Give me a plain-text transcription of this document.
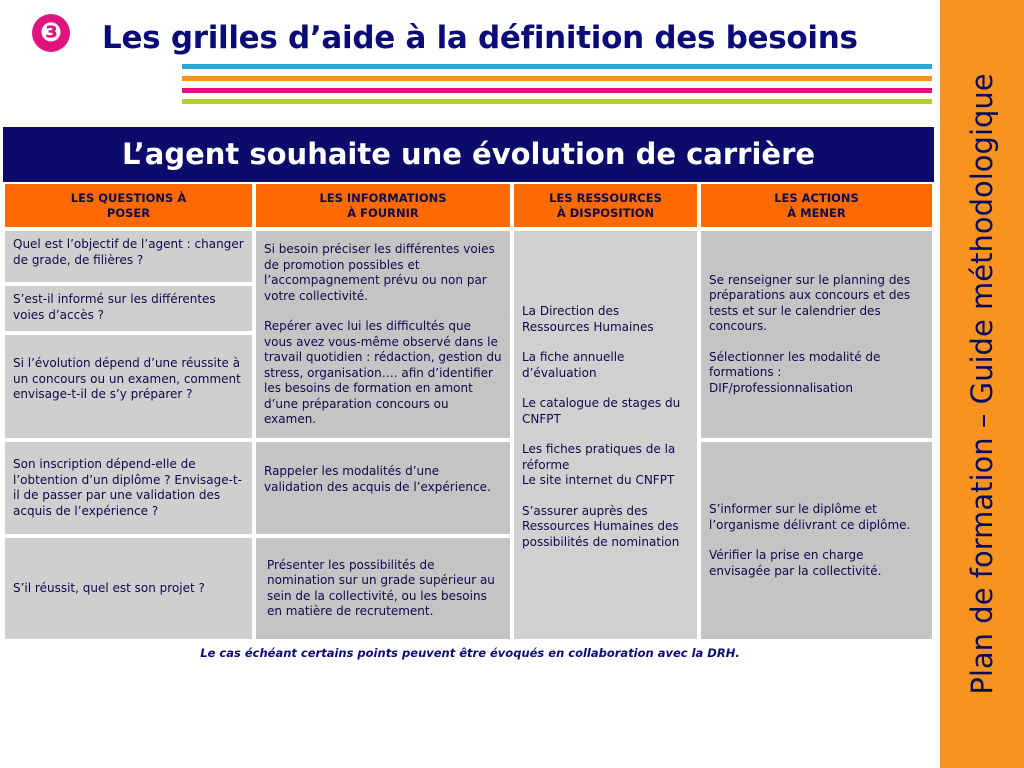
❸ Les grilles d’aide à la définition des besoins
Plan de formation – Guide méthodologique
L’agent souhaite une évolution de carrière
LES QUESTIONS À
POSER
LES INFORMATIONS
À FOURNIR
LES RESSOURCES
À DISPOSITION
LES ACTIONS
À MENER
Quel est l’objectif de l’agent : changer de grade, de filières ?
S’est-il informé sur les différentes voies d’accès ?
Si l’évolution dépend d’une réussite à un concours ou un examen, comment envisage-t-il de s’y préparer ?
Son inscription dépend-elle de l’obtention d’un diplôme ? Envisage-t-il de passer par une validation des acquis de l’expérience ?
S’il réussit, quel est son projet ?

Si besoin préciser les différentes voies de promotion possibles et l’accompagnement prévu ou non par votre collectivité.

Repérer avec lui les difficultés que vous avez vous-même observé dans le travail quotidien : rédaction, gestion du stress, organisation…. afin d’identifier les besoins de formation en amont d’une préparation concours ou examen.

Rappeler les modalités d’une validation des acquis de l’expérience.
Présenter les possibilités de nomination sur un grade supérieur au sein de la collectivité, ou les besoins en matière de recrutement.

La Direction des Ressources Humaines

La fiche annuelle d’évaluation

Le catalogue de stages du CNFPT

Les fiches pratiques de la réforme

Le site internet du CNFPT

S’assurer auprès des Ressources Humaines des possibilités de nomination

Se renseigner sur le planning des préparations aux concours et des tests et sur le calendrier des concours.

Sélectionner les modalité de formations : DIF/professionnalisation

S’informer sur le diplôme et l’organisme délivrant ce diplôme.

Vérifier la prise en charge envisagée par la collectivité.

Le cas échéant certains points peuvent être évoqués en collaboration avec la DRH.
